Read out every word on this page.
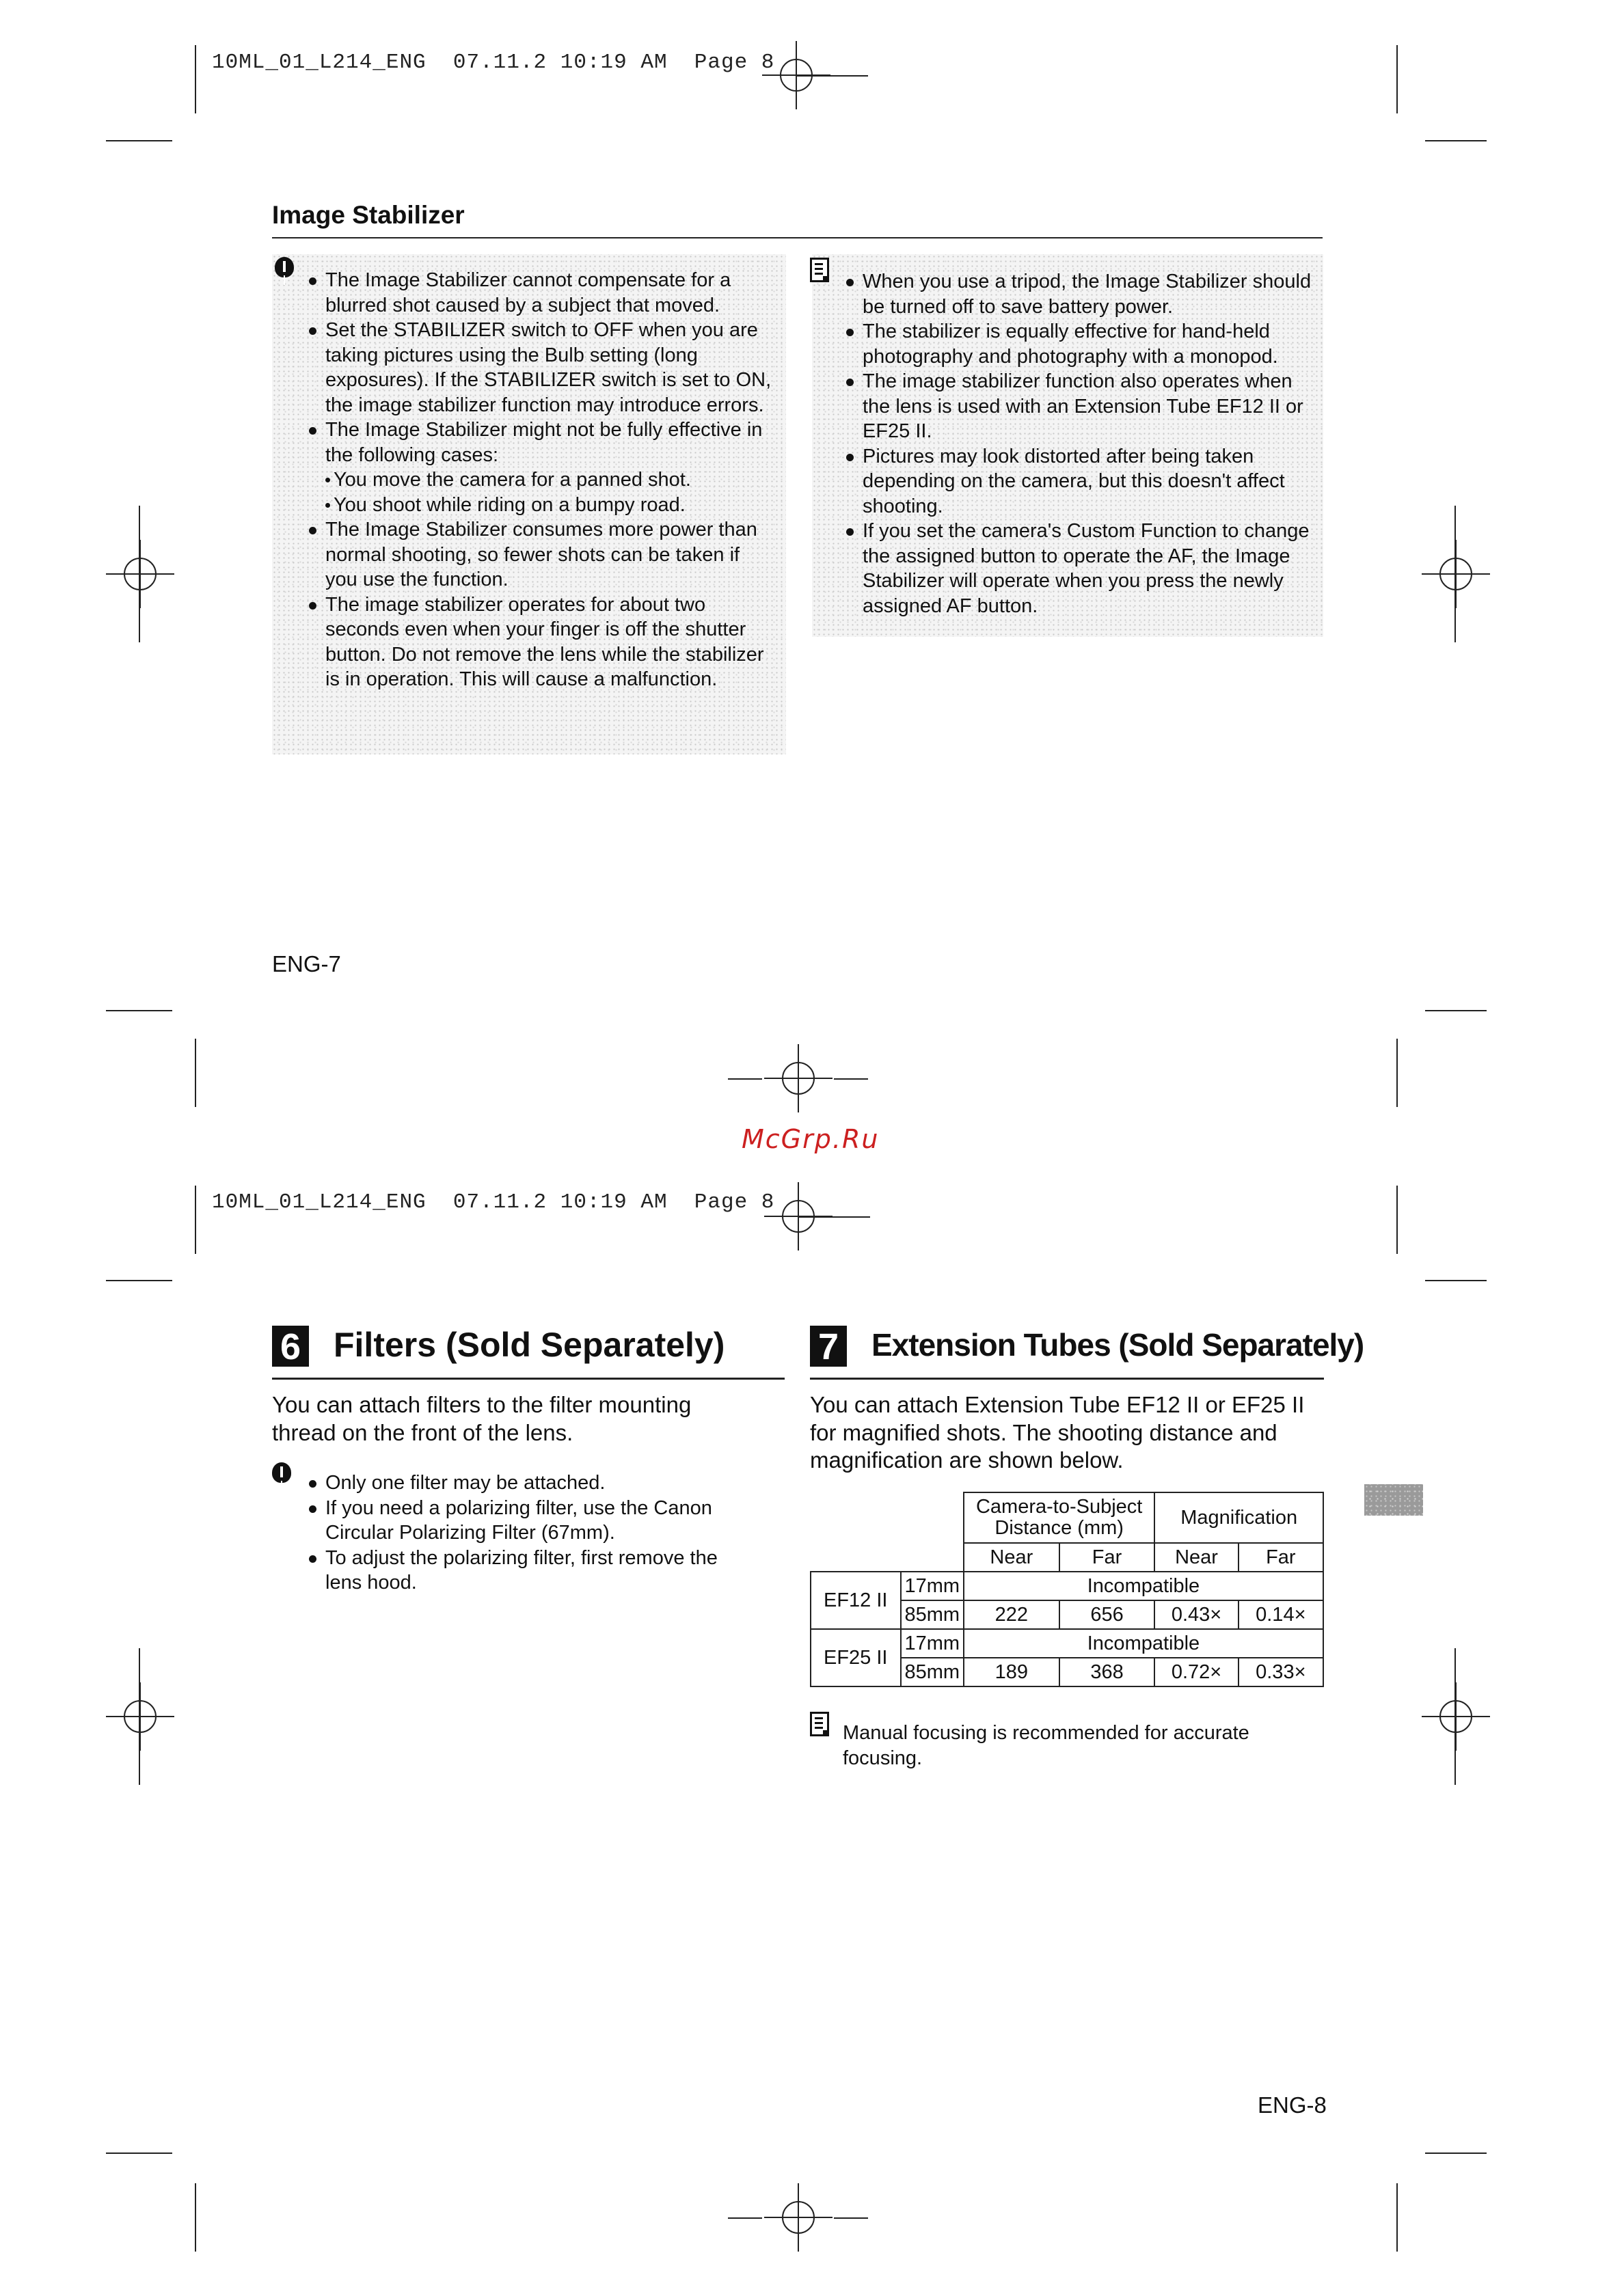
10ML_01_L214_ENG 07.11.2 10:19 AM Page 8
Image Stabilizer
The Image Stabilizer cannot compensate for a blurred shot caused by a subject that moved.
Set the STABILIZER switch to OFF when you are taking pictures using the Bulb setting (long exposures). If the STABILIZER switch is set to ON, the image stabilizer function may introduce errors.
The Image Stabilizer might not be fully effective in the following cases:
You move the camera for a panned shot.
You shoot while riding on a bumpy road.
The Image Stabilizer consumes more power than normal shooting, so fewer shots can be taken if you use the function.
The image stabilizer operates for about two seconds even when your finger is off the shutter button. Do not remove the lens while the stabilizer is in operation. This will cause a malfunction.
When you use a tripod, the Image Stabilizer should be turned off to save battery power.
The stabilizer is equally effective for hand-held photography and photography with a monopod.
The image stabilizer function also operates when the lens is used with an Extension Tube EF12 II or EF25 II.
Pictures may look distorted after being taken depending on the camera, but this doesn't affect shooting.
If you set the camera's Custom Function to change the assigned button to operate the AF, the Image Stabilizer will operate when you press the newly assigned AF button.
ENG-7
McGrp.Ru
10ML_01_L214_ENG 07.11.2 10:19 AM Page 8
6 Filters (Sold Separately)
You can attach filters to the filter mounting thread on the front of the lens.
Only one filter may be attached.
If you need a polarizing filter, use the Canon Circular Polarizing Filter (67mm).
To adjust the polarizing filter, first remove the lens hood.
7 Extension Tubes (Sold Separately)
You can attach Extension Tube EF12 II or EF25 II for magnified shots. The shooting distance and magnification are shown below.
		Camera-to-Subject Distance (mm)		Magnification	
		Near	Far	Near	Far
EF12 II	17mm	Incompatible			
	85mm	222	656	0.43×	0.14×
EF25 II	17mm	Incompatible			
	85mm	189	368	0.72×	0.33×
Manual focusing is recommended for accurate focusing.
ENG-8
